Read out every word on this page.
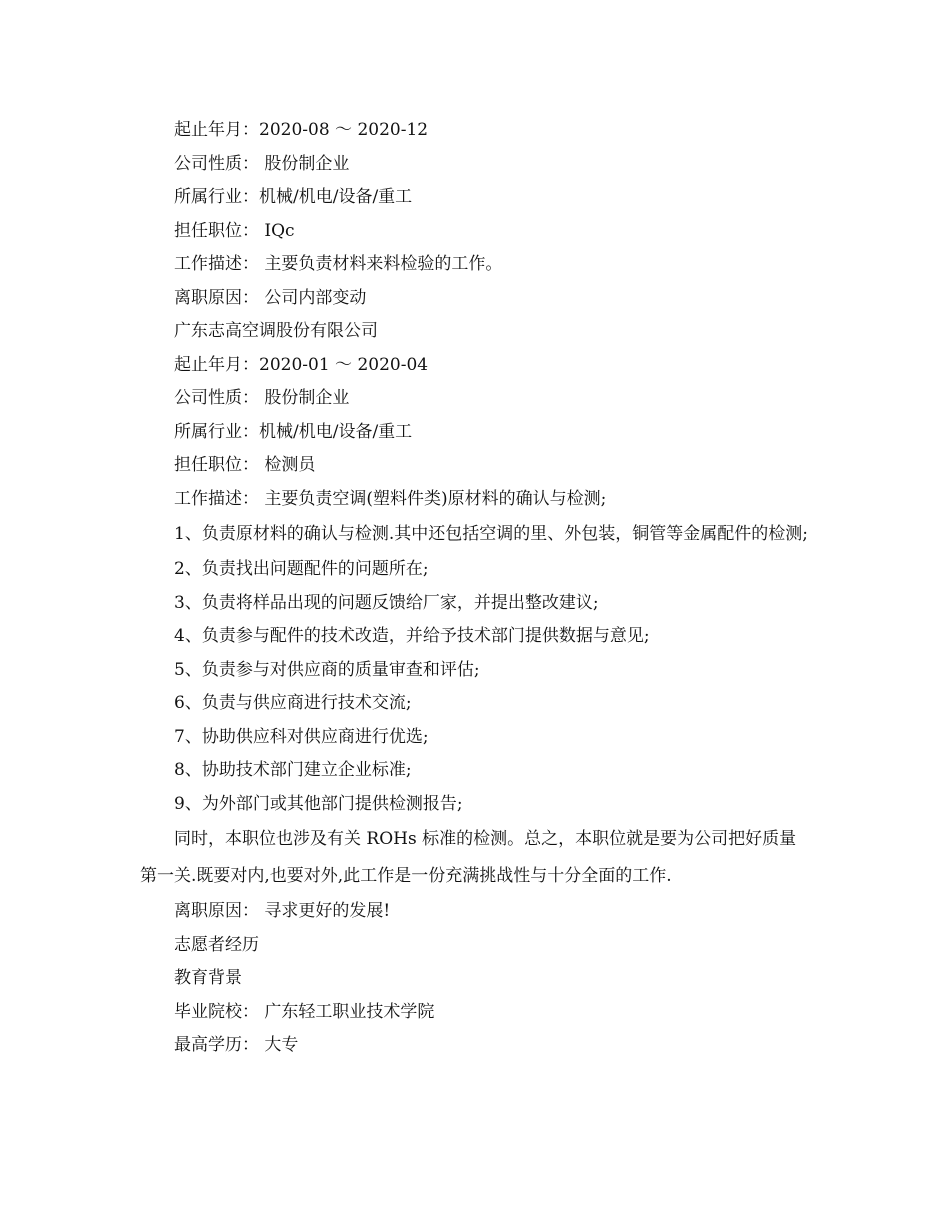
起止年月：2020-08 ～ 2020-12
公司性质： 股份制企业
所属行业：机械/机电/设备/重工
担任职位： IQc
工作描述： 主要负责材料来料检验的工作。
离职原因： 公司内部变动
广东志高空调股份有限公司
起止年月：2020-01 ～ 2020-04
公司性质： 股份制企业
所属行业：机械/机电/设备/重工
担任职位： 检测员
工作描述： 主要负责空调(塑料件类)原材料的确认与检测;

1、负责原材料的确认与检测.其中还包括空调的里、外包装，铜管等金属配件的检测;

2、负责找出问题配件的问题所在;
3、负责将样品出现的问题反馈给厂家，并提出整改建议;
4、负责参与配件的技术改造，并给予技术部门提供数据与意见;
5、负责参与对供应商的质量审查和评估;
6、负责与供应商进行技术交流;
7、协助供应科对供应商进行优选;
8、协助技术部门建立企业标准;
9、为外部门或其他部门提供检测报告;

同时，本职位也涉及有关 ROHs 标准的检测。总之，本职位就是要为公司把好质量第一关.既要对内,也要对外,此工作是一份充满挑战性与十分全面的工作.

离职原因： 寻求更好的发展!
志愿者经历
教育背景
毕业院校： 广东轻工职业技术学院
最高学历： 大专
